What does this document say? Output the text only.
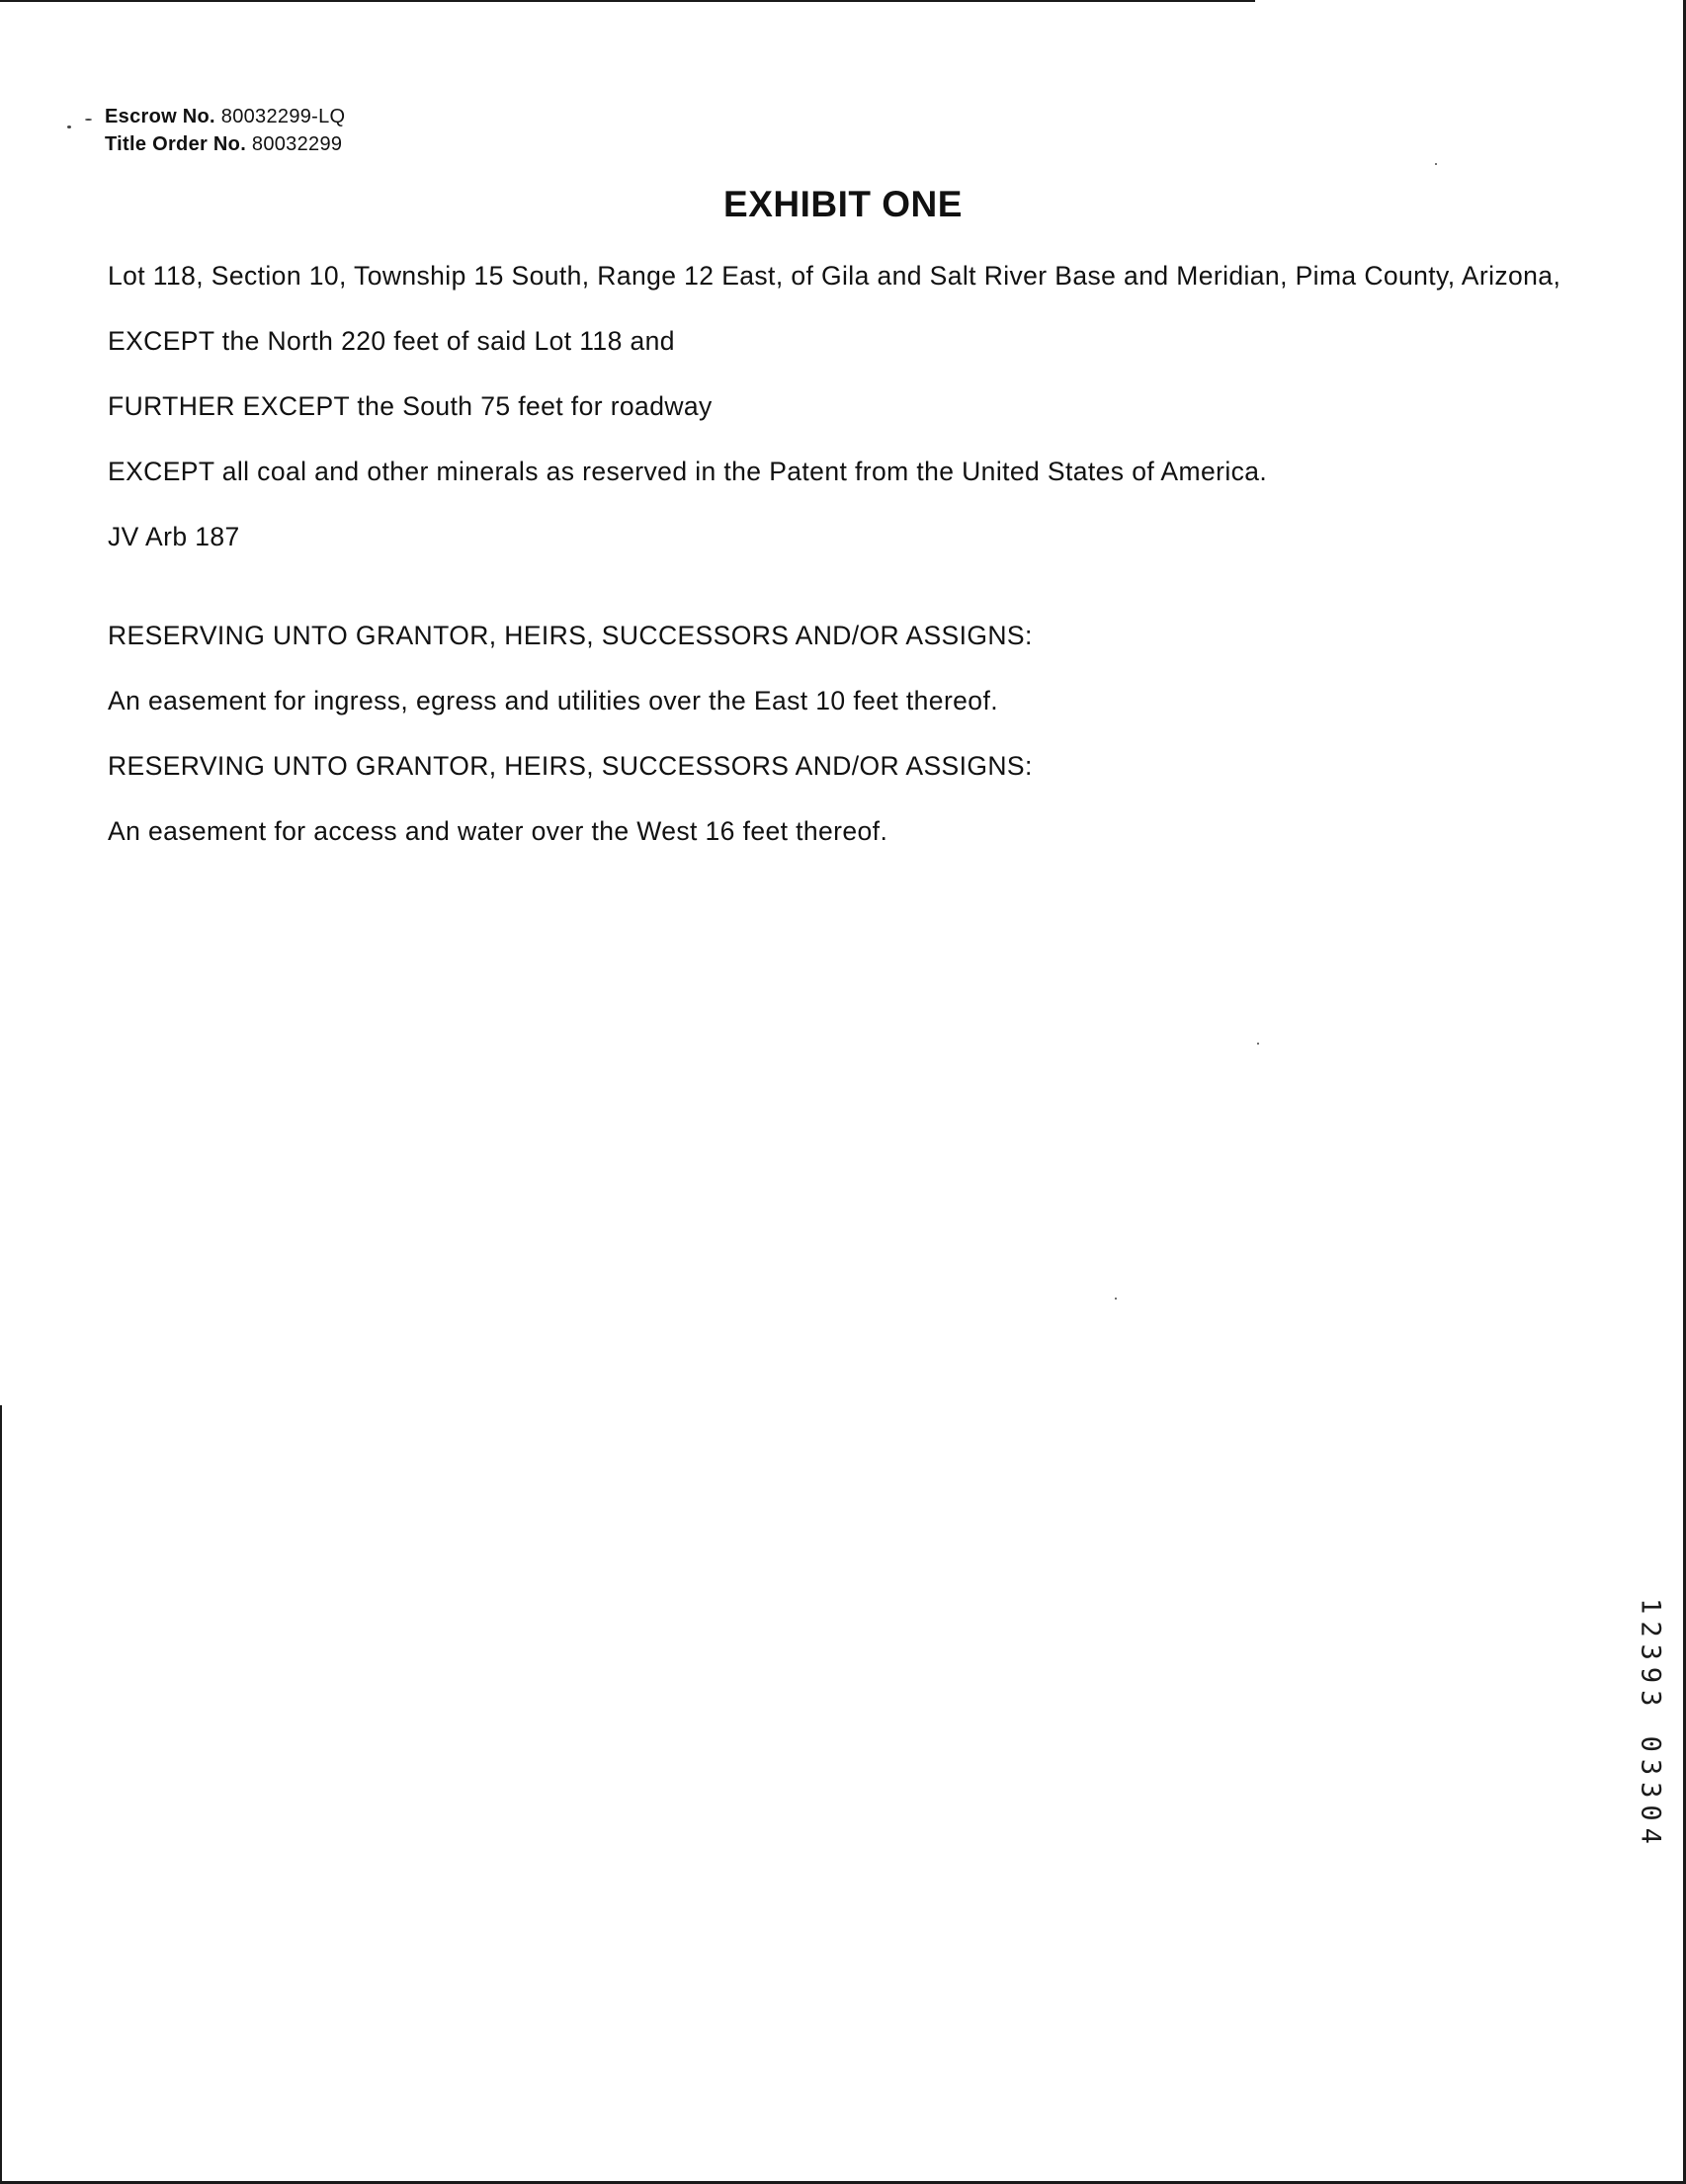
Escrow No. 80032299-LQ
Title Order No. 80032299
EXHIBIT ONE

Lot 118, Section 10, Township 15 South, Range 12 East, of Gila and Salt River Base and Meridian, Pima County, Arizona,

EXCEPT the North 220 feet of said Lot 118 and

FURTHER EXCEPT the South 75 feet for roadway

EXCEPT all coal and other minerals as reserved in the Patent from the United States of America.

JV Arb 187

RESERVING UNTO GRANTOR, HEIRS, SUCCESSORS AND/OR ASSIGNS:

An easement for ingress, egress and utilities over the East 10 feet thereof.

RESERVING UNTO GRANTOR, HEIRS, SUCCESSORS AND/OR ASSIGNS:

An easement for access and water over the West 16 feet thereof.

12393 03304
